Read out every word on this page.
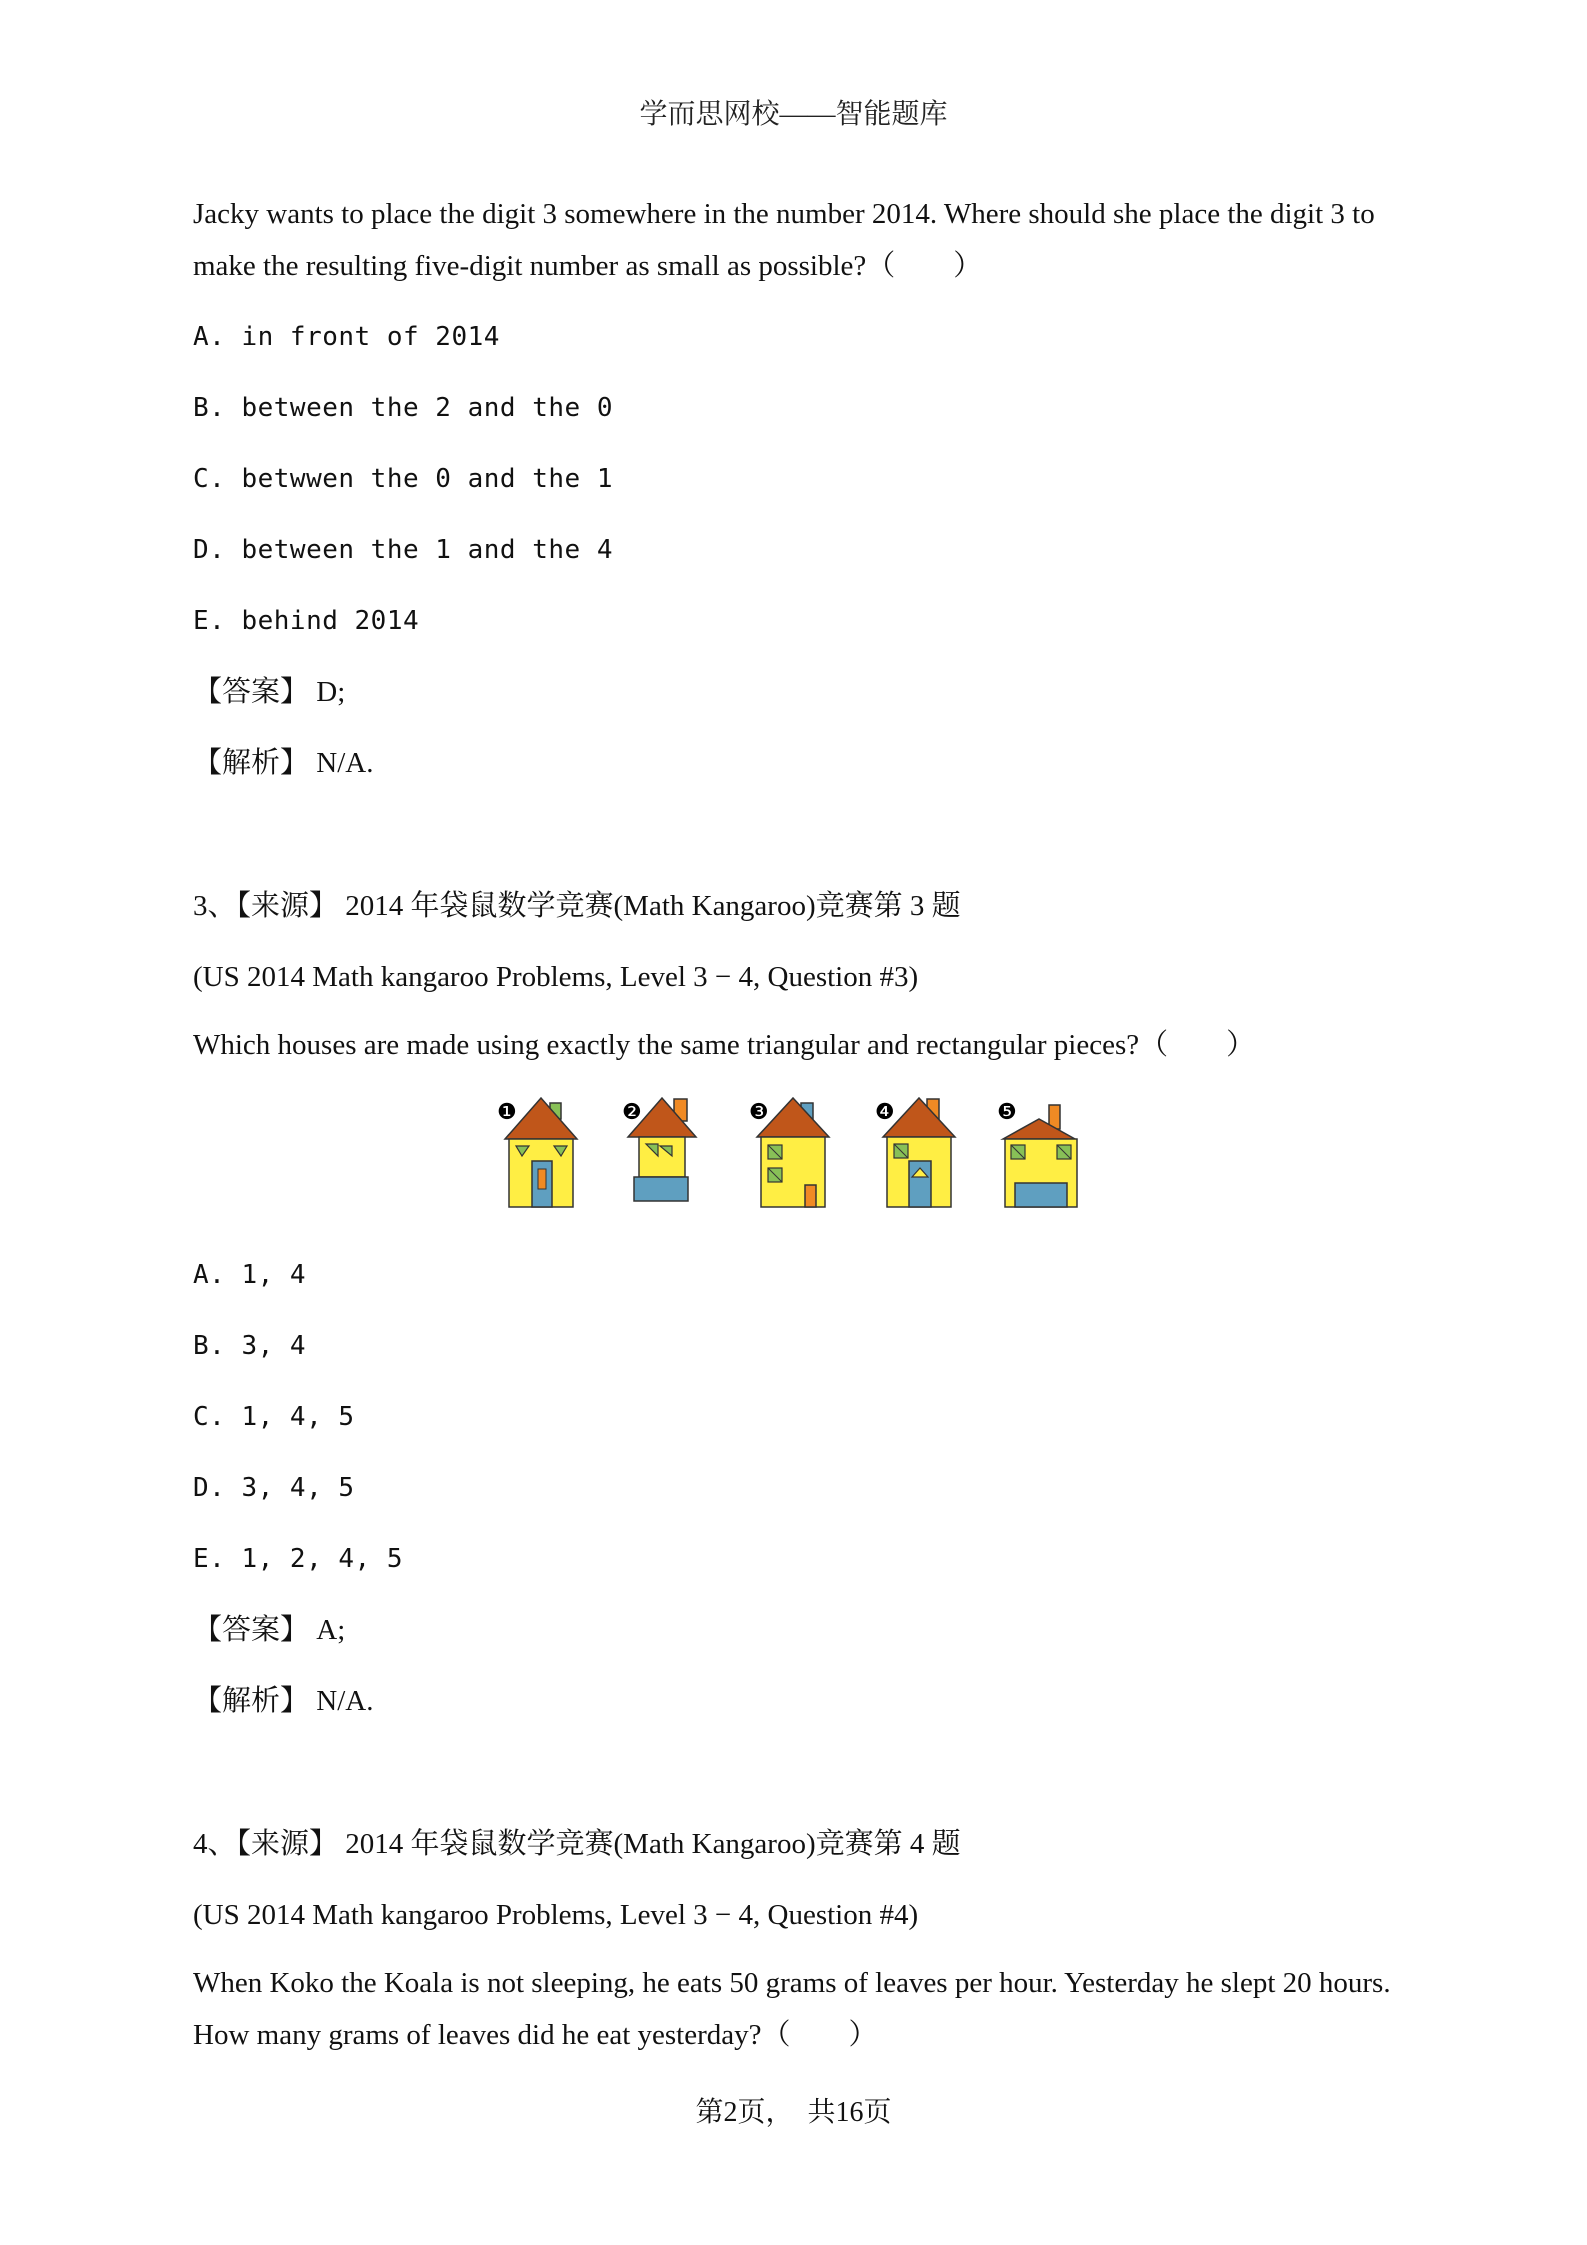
学而思网校——智能题库

Jacky wants to place the digit 3 somewhere in the number 2014. Where should she place the digit 3 to

make the resulting five-digit number as small as possible?（　　）

A. in front of 2014

B. between the 2 and the 0

C. betwwen the 0 and the 1

D. between the 1 and the 4

E. behind 2014

【答案】 D;

【解析】 N/A.

3、【来源】 2014 年袋鼠数学竞赛(Math Kangaroo)竞赛第 3 题

(US 2014 Math kangaroo Problems, Level 3 − 4, Question #3)

Which houses are made using exactly the same triangular and rectangular pieces?（　　）

❶	❷	❸	❹	❺

A. 1, 4

B. 3, 4

C. 1, 4, 5

D. 3, 4, 5

E. 1, 2, 4, 5

【答案】 A;

【解析】 N/A.

4、【来源】 2014 年袋鼠数学竞赛(Math Kangaroo)竞赛第 4 题

(US 2014 Math kangaroo Problems, Level 3 − 4, Question #4)

When Koko the Koala is not sleeping, he eats 50 grams of leaves per hour. Yesterday he slept 20 hours.

How many grams of leaves did he eat yesterday?（　　）

第2页，　共16页
